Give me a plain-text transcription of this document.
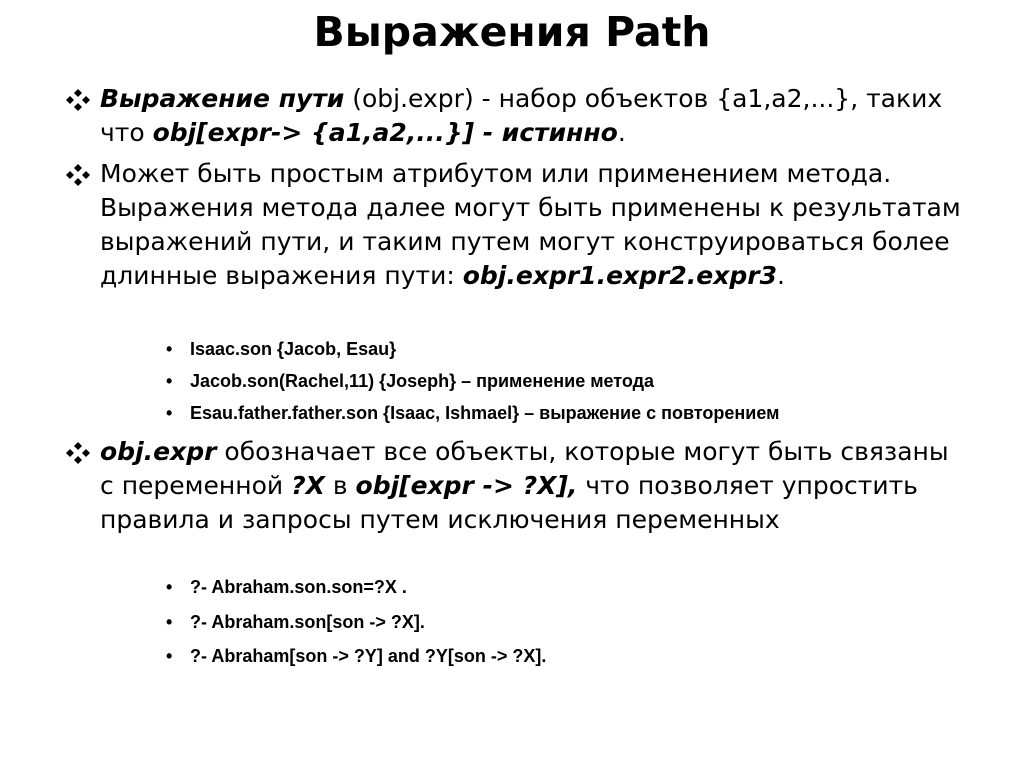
Выражения Path
Выражение пути (obj.expr) - набор объектов {a1,a2,...}, таких что obj[expr-> {a1,a2,...}] - истинно.
Может быть простым атрибутом или применением метода. Выражения метода далее могут быть применены к результатам выражений пути, и таким путем могут конструироваться более длинные выражения пути: obj.expr1.expr2.expr3.
• Isaac.son {Jacob, Esau}
• Jacob.son(Rachel,11) {Joseph} – применение метода
• Esau.father.father.son {Isaac, Ishmael} – выражение с повторением
obj.expr обозначает все объекты, которые могут быть связаны с переменной ?X в obj[expr -> ?X], что позволяет упростить правила и запросы путем исключения переменных
• ?- Abraham.son.son=?X .
• ?- Abraham.son[son -> ?X].
• ?- Abraham[son -> ?Y] and ?Y[son -> ?X].
